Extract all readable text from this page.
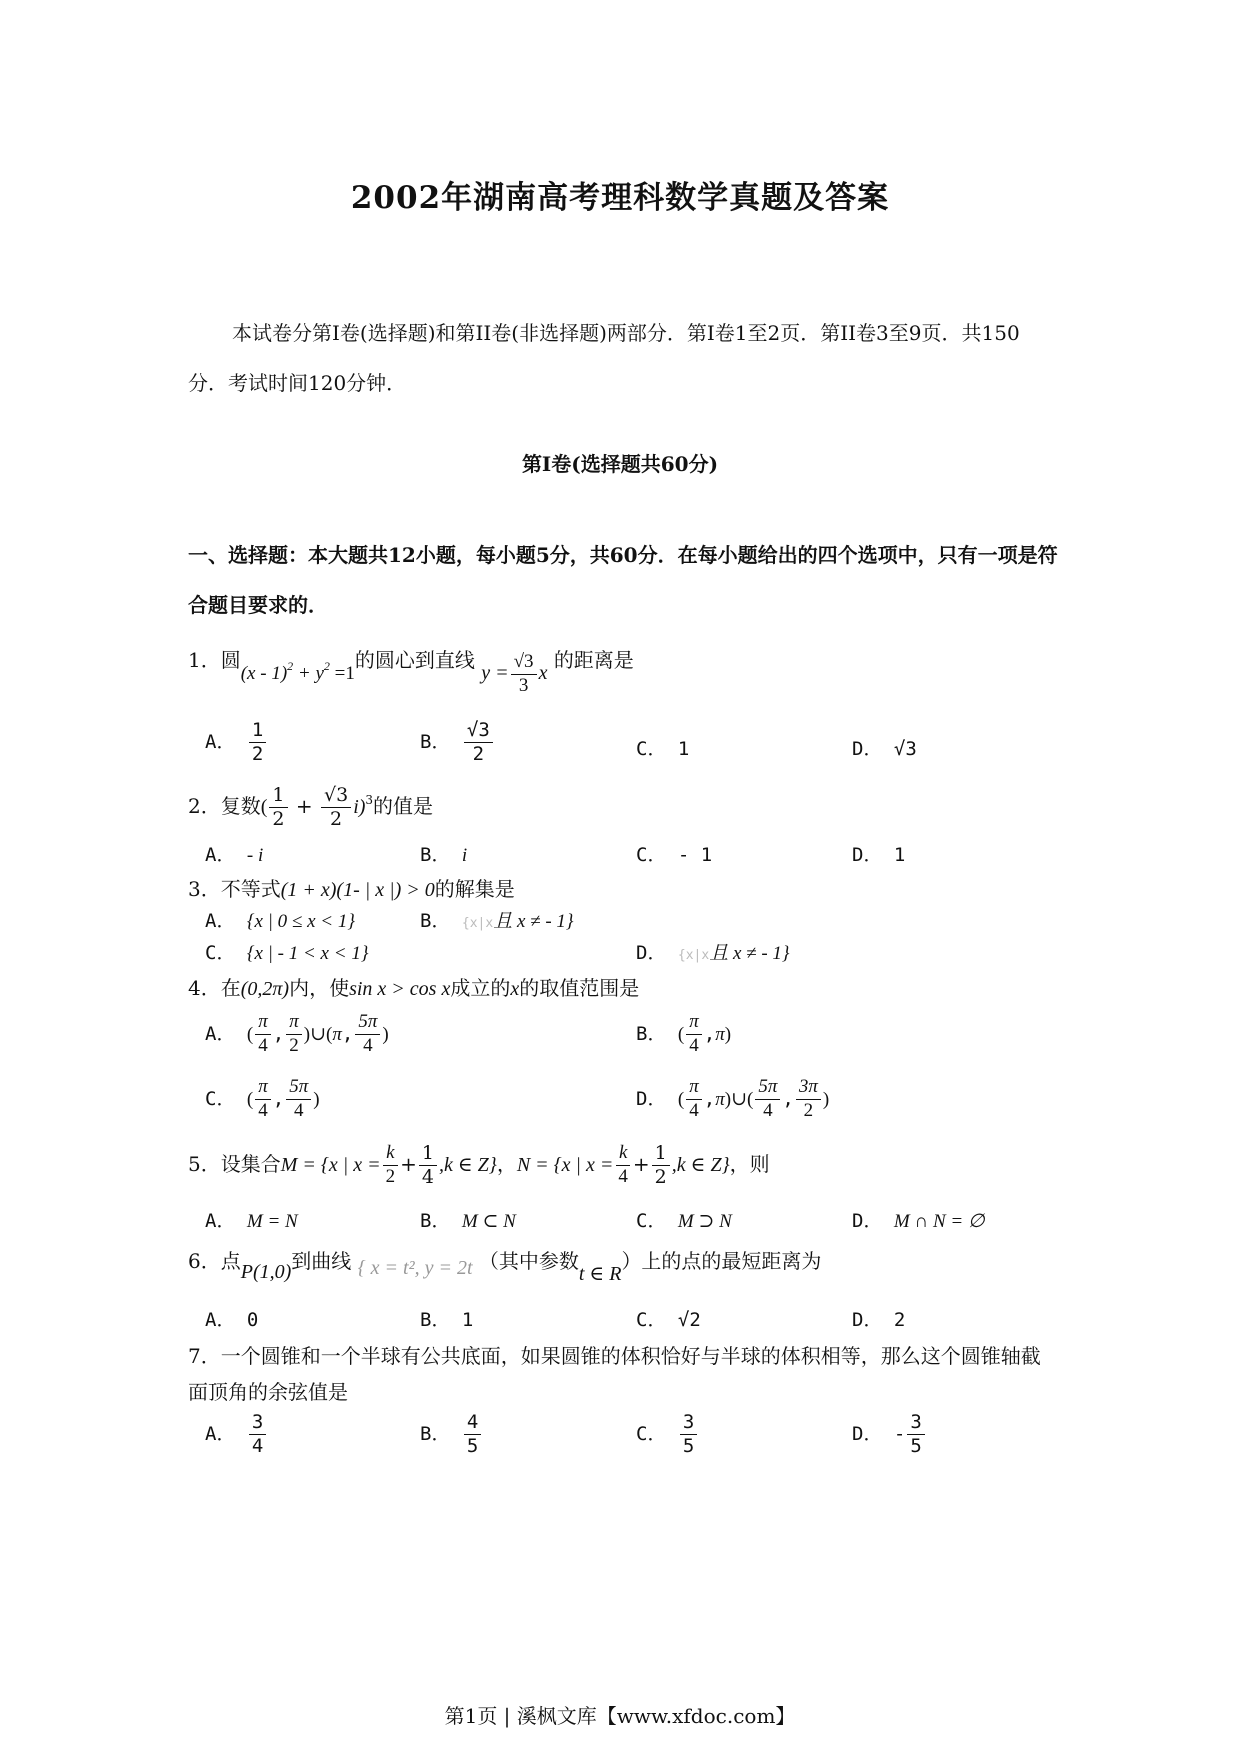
2002年湖南高考理科数学真题及答案
本试卷分第Ⅰ卷(选择题)和第II卷(非选择题)两部分．第Ⅰ卷1至2页．第II卷3至9页．共150分．考试时间120分钟．
第Ⅰ卷(选择题共60分)
一、选择题：本大题共12小题，每小题5分，共60分．在每小题给出的四个选项中，只有一项是符合题目要求的．
1．圆$(x - 1)^2 + y^2 =1$的圆心到直线 $y = \frac{√3}{3}$ x 的距离是
A． $\frac{1}{2}$	B． $\frac{√3}{2}$	C． 1	D． √3
2．复数( $\frac{1}{2} + \frac{√3}{2} i)^3$的值是
A． - i	B． i	C． - 1	D． 1
3．不等式(1 + x)(1- | x |) > 0的解集是
A． {x | 0 ≤ x < 1}	B． {x|x且 x ≠ - 1}
C． {x | - 1 < x < 1}	D． {x|x且 x ≠ - 1}
4．在(0,2π)内，使sin x > cos x成立的x的取值范围是
A． ( $\frac{\pi}{4}$ , $\frac{\pi}{2}$ )∪(π, $\frac{5\pi}{4}$ )	B． ( $\frac{\pi}{4} ,\pi$)
C． ( $\frac{\pi}{4}$ , $\frac{5\pi}{4}$ )	D． ( $\frac{\pi}{4}$ ,π)∪( $\frac{5\pi}{4}$ , $\frac{3\pi}{2}$ )
5．设集合M = {x | $x = \frac{k}{2} + \frac{1}{4} ,k$ ∈ Z}，N = {x | $x = \frac{k}{4} + \frac{1}{2} ,k$ ∈ Z}，则
A． M = N	B． M ⊂ N	C． M ⊃ N	D． M ∩ N = ∅
6．点P(1,0)到曲线 { x = t², y = 2t （其中参数t ∈ R）上的点的最短距离为
A． 0	B． 1	C． √2	D． 2
7．一个圆锥和一个半球有公共底面，如果圆锥的体积恰好与半球的体积相等，那么这个圆锥轴截面顶角的余弦值是
A． $\frac{3}{4}$	B． $\frac{4}{5}$	C． $\frac{3}{5}$	D． - $\frac{3}{5}$
第1页 | 溪枫文库【www.xfdoc.com】
